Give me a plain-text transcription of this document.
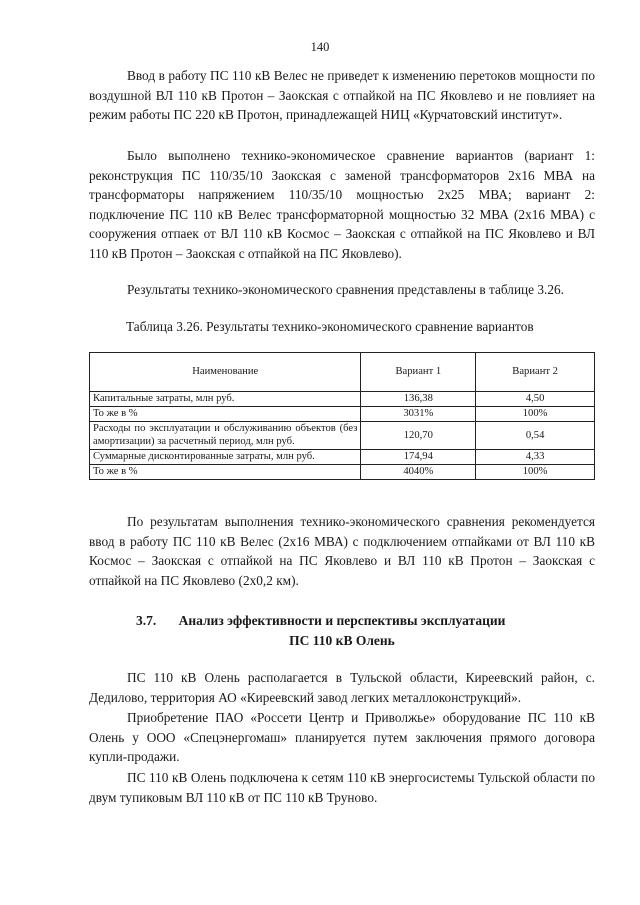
140

Ввод в работу ПС 110 кВ Велес не приведет к изменению перетоков мощности по воздушной ВЛ 110 кВ Протон – Заокская с отпайкой на ПС Яковлево и не повлияет на режим работы ПС 220 кВ Протон, принадлежащей НИЦ «Курчатовский институт».

Было выполнено технико-экономическое сравнение вариантов (вариант 1: реконструкция ПС 110/35/10 Заокская с заменой трансформаторов 2x16 МВА на трансформаторы напряжением 110/35/10 мощностью 2x25 МВА; вариант 2: подключение ПС 110 кВ Велес трансформаторной мощностью 32 МВА (2x16 МВА) с сооружения отпаек от ВЛ 110 кВ Космос – Заокская с отпайкой на ПС Яковлево и ВЛ 110 кВ Протон – Заокская с отпайкой на ПС Яковлево).

Результаты технико-экономического сравнения представлены в таблице 3.26.

Таблица 3.26. Результаты технико-экономического сравнение вариантов

Наименование	Вариант 1	Вариант 2
Капитальные затраты, млн руб.	136,38	4,50
То же в %	3031%	100%
Расходы по эксплуатации и обслуживанию объектов (без амортизации) за расчетный период, млн руб.	120,70	0,54
Суммарные дисконтированные затраты, млн руб.	174,94	4,33
То же в %	4040%	100%

По результатам выполнения технико-экономического сравнения рекомендуется ввод в работу ПС 110 кВ Велес (2x16 МВА) с подключением отпайками от ВЛ 110 кВ Космос – Заокская с отпайкой на ПС Яковлево и ВЛ 110 кВ Протон – Заокская с отпайкой на ПС Яковлево (2x0,2 км).

3.7.	Анализ эффективности и перспективы эксплуатации
ПС 110 кВ Олень

ПС 110 кВ Олень располагается в Тульской области, Киреевский район, с. Дедилово, территория АО «Киреевский завод легких металлоконструкций».

Приобретение ПАО «Россети Центр и Приволжье» оборудование ПС 110 кВ Олень у ООО «Спецэнергомаш» планируется путем заключения прямого договора купли-продажи.

ПС 110 кВ Олень подключена к сетям 110 кВ энергосистемы Тульской области по двум тупиковым ВЛ 110 кВ от ПС 110 кВ Труново.
